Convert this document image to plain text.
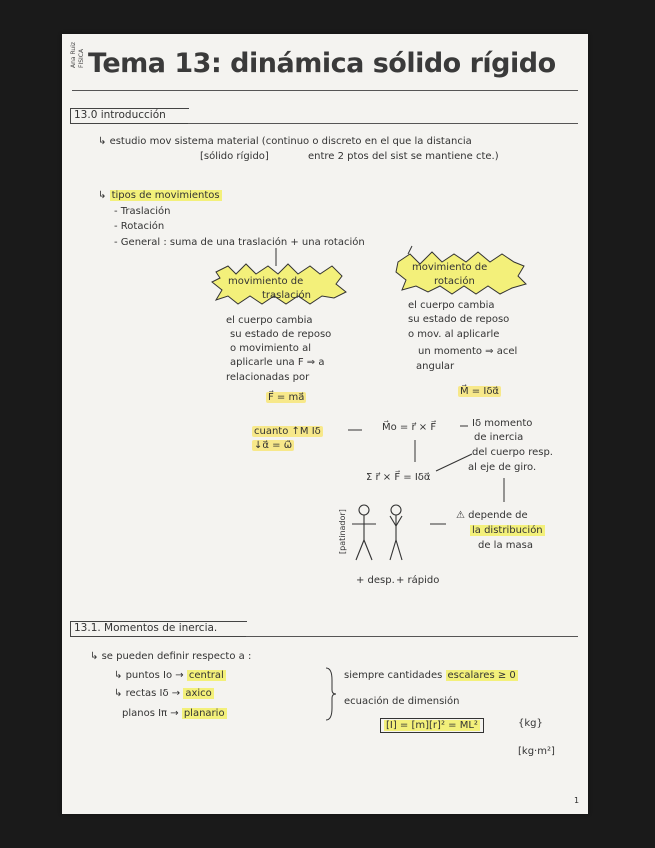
Ana Ruiz FISICA Tema 13: dinámica sólido rígido
13.0 introducción
↳ estudio mov sistema material (continuo o discreto en el que la distancia
[sólido rígido]	entre 2 ptos del sist se mantiene cte.)
↳ tipos de movimientos
- Traslación
- Rotación
- General : suma de una traslación + una rotación
movimiento de
traslación
el cuerpo cambia
su estado de reposo
o movimiento al
aplicarle una F ⇒ a
relacionadas por
F⃗ = ma⃗
movimiento de
rotación
el cuerpo cambia
su estado de reposo
o mov. al aplicarle
un momento ⇒ acel
angular
M⃗ = Iδα⃗
Iδ momento
de inercia
del cuerpo resp.
al eje de giro.
M⃗o = r⃗ × F⃗
Σ r⃗ × F⃗ = Iδα⃗
cuanto ↑M Iδ
↓α⃗ = ω⃗̇
⚠ depende de
la distribución
de la masa
[patinador]
+ desp. + rápido
13.1. Momentos de inercia.
↳ se pueden definir respecto a :
↳ puntos Io → central
↳ rectas Iδ → axico
planos Iπ → planario
siempre cantidades escalares ≥ 0
ecuación de dimensión
[I] = [m][r]² = ML²	{kg}
[kg·m²]
1
